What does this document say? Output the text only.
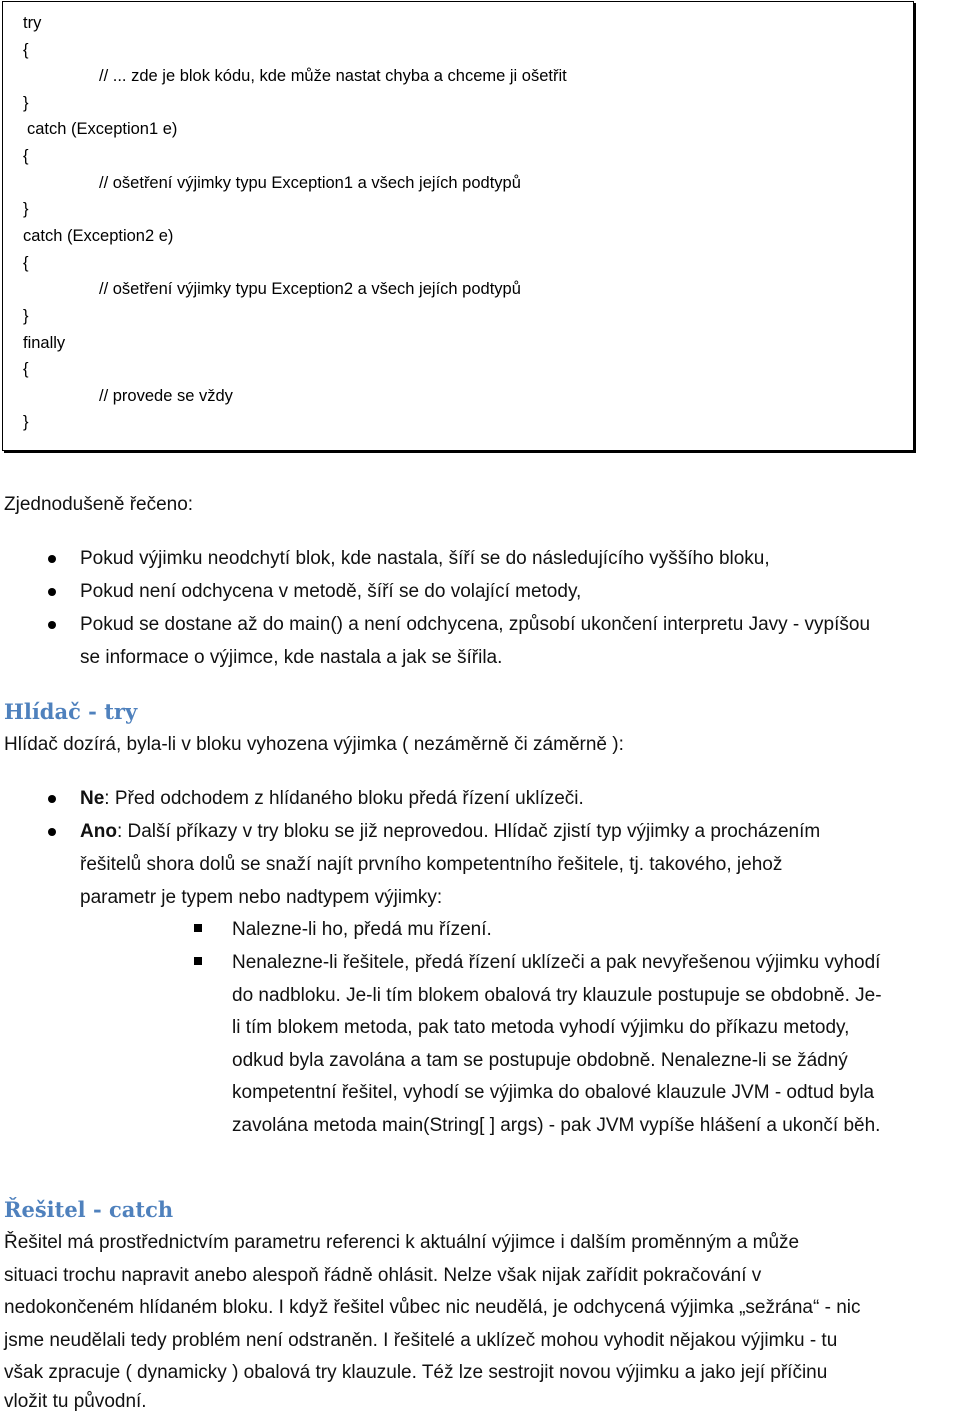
try
{
// ... zde je blok kódu, kde může nastat chyba a chceme ji ošetřit
}
catch (Exception1 e)
{
// ošetření výjimky typu Exception1 a všech jejích podtypů
}
catch (Exception2 e)
{
// ošetření výjimky typu Exception2 a všech jejích podtypů
}
finally
{
// provede se vždy
}
Zjednodušeně řečeno:
Pokud výjimku neodchytí blok, kde nastala, šíří se do následujícího vyššího bloku,
Pokud není odchycena v metodě, šíří se do volající metody,
Pokud se dostane až do main() a není odchycena, způsobí ukončení interpretu Javy - vypíšou
se informace o výjimce, kde nastala a jak se šířila.
Hlídač - try
Hlídač dozírá, byla-li v bloku vyhozena výjimka ( nezáměrně či záměrně ):
Ne: Před odchodem z hlídaného bloku předá řízení uklízeči.
Ano: Další příkazy v try bloku se již neprovedou. Hlídač zjistí typ výjimky a procházením
řešitelů shora dolů se snaží najít prvního kompetentního řešitele, tj. takového, jehož
parametr je typem nebo nadtypem výjimky:
Nalezne-li ho, předá mu řízení.
Nenalezne-li řešitele, předá řízení uklízeči a pak nevyřešenou výjimku vyhodí
do nadbloku. Je-li tím blokem obalová try klauzule postupuje se obdobně. Je-
li tím blokem metoda, pak tato metoda vyhodí výjimku do příkazu metody,
odkud byla zavolána a tam se postupuje obdobně. Nenalezne-li se žádný
kompetentní řešitel, vyhodí se výjimka do obalové klauzule JVM - odtud byla
zavolána metoda main(String[ ] args) - pak JVM vypíše hlášení a ukončí běh.
Řešitel - catch
Řešitel má prostřednictvím parametru referenci k aktuální výjimce i dalším proměnným a může
situaci trochu napravit anebo alespoň řádně ohlásit. Nelze však nijak zařídit pokračování v
nedokončeném hlídaném bloku. I když řešitel vůbec nic neudělá, je odchycená výjimka „sežrána“ - nic
jsme neudělali tedy problém není odstraněn. I řešitelé a uklízeč mohou vyhodit nějakou výjimku - tu
však zpracuje ( dynamicky ) obalová try klauzule. Též lze sestrojit novou výjimku a jako její příčinu
vložit tu původní.
